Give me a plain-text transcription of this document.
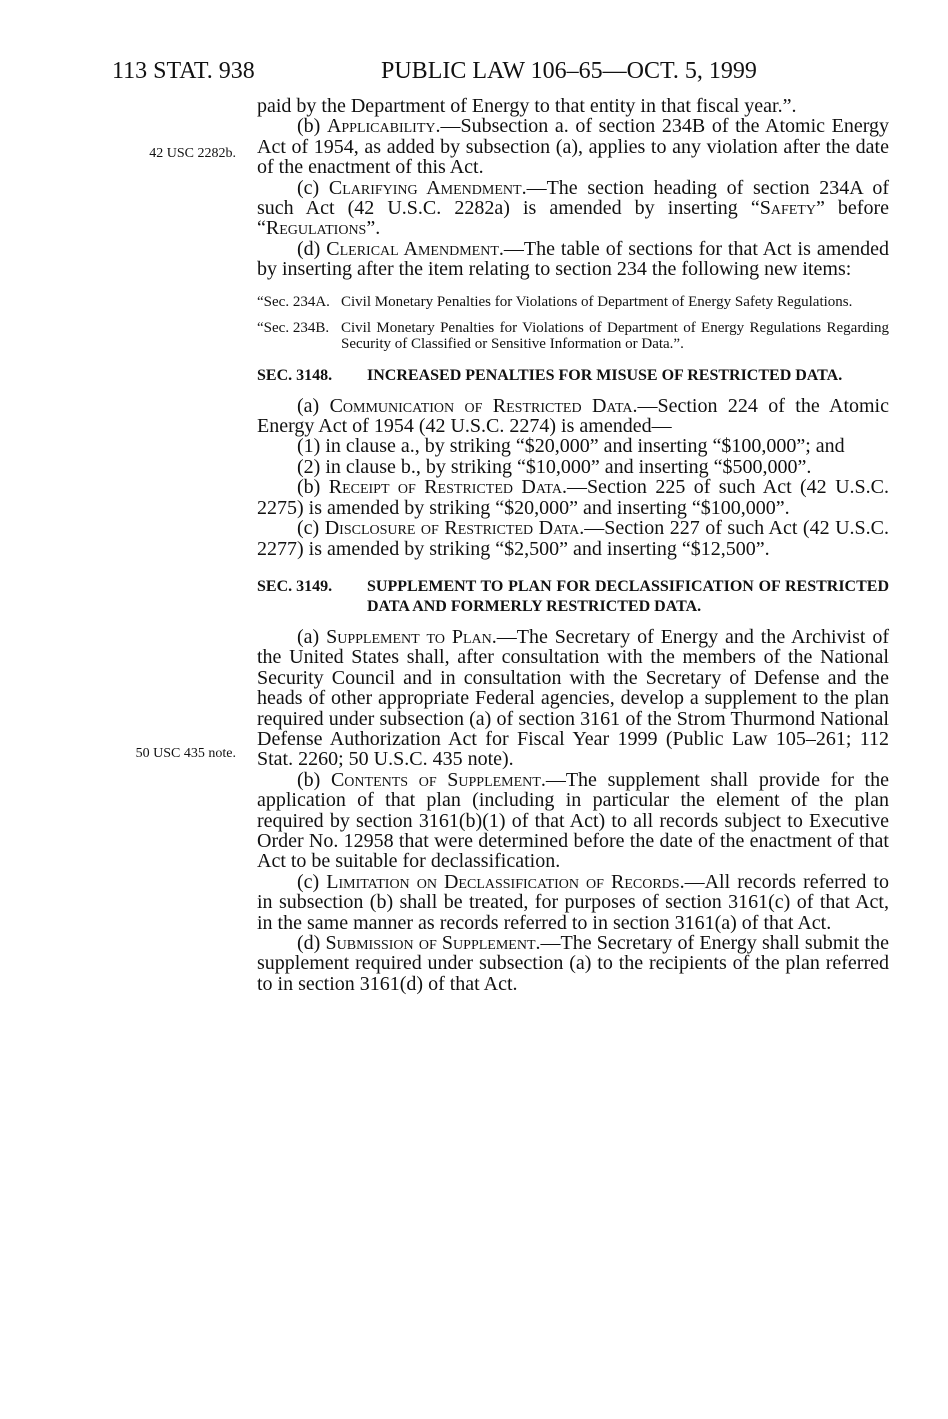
113 STAT. 938	PUBLIC LAW 106–65—OCT. 5, 1999
42 USC 2282b.
50 USC 435 note.

paid by the Department of Energy to that entity in that fiscal year.”.

(b) Applicability.—Subsection a. of section 234B of the Atomic Energy Act of 1954, as added by subsection (a), applies to any violation after the date of the enactment of this Act.

(c) Clarifying Amendment.—The section heading of section 234A of such Act (42 U.S.C. 2282a) is amended by inserting “Safety” before “Regulations”.

(d) Clerical Amendment.—The table of sections for that Act is amended by inserting after the item relating to section 234 the following new items:

“Sec. 234A. Civil Monetary Penalties for Violations of Department of Energy Safety Regulations.
“Sec. 234B. Civil Monetary Penalties for Violations of Department of Energy Regulations Regarding Security of Classified or Sensitive Information or Data.”.
SEC. 3148.	INCREASED PENALTIES FOR MISUSE OF RESTRICTED DATA.

(a) Communication of Restricted Data.—Section 224 of the Atomic Energy Act of 1954 (42 U.S.C. 2274) is amended—

(1) in clause a., by striking “$20,000” and inserting “$100,000”; and

(2) in clause b., by striking “$10,000” and inserting “$500,000”.

(b) Receipt of Restricted Data.—Section 225 of such Act (42 U.S.C. 2275) is amended by striking “$20,000” and inserting “$100,000”.

(c) Disclosure of Restricted Data.—Section 227 of such Act (42 U.S.C. 2277) is amended by striking “$2,500” and inserting “$12,500”.

SEC. 3149.	SUPPLEMENT TO PLAN FOR DECLASSIFICATION OF RESTRICTED DATA AND FORMERLY RESTRICTED DATA.

(a) Supplement to Plan.—The Secretary of Energy and the Archivist of the United States shall, after consultation with the members of the National Security Council and in consultation with the Secretary of Defense and the heads of other appropriate Federal agencies, develop a supplement to the plan required under subsection (a) of section 3161 of the Strom Thurmond National Defense Authorization Act for Fiscal Year 1999 (Public Law 105–261; 112 Stat. 2260; 50 U.S.C. 435 note).

(b) Contents of Supplement.—The supplement shall provide for the application of that plan (including in particular the element of the plan required by section 3161(b)(1) of that Act) to all records subject to Executive Order No. 12958 that were determined before the date of the enactment of that Act to be suitable for declassification.

(c) Limitation on Declassification of Records.—All records referred to in subsection (b) shall be treated, for purposes of section 3161(c) of that Act, in the same manner as records referred to in section 3161(a) of that Act.

(d) Submission of Supplement.—The Secretary of Energy shall submit the supplement required under subsection (a) to the recipients of the plan referred to in section 3161(d) of that Act.
